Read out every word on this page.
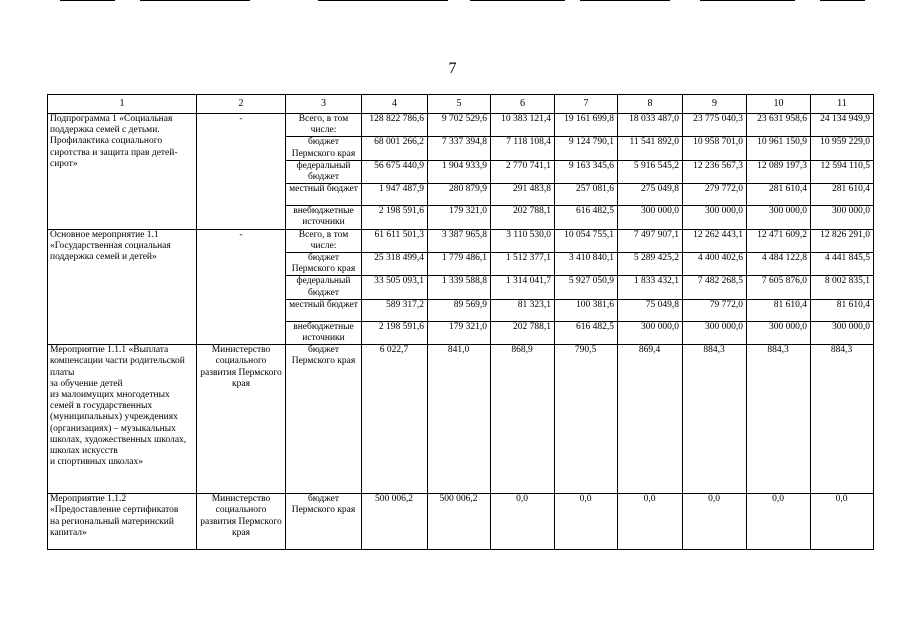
7
1	2	3	4	5	6	7	8	9	10	11
Подпрограмма 1 «Социальная поддержка семей с детьми. Профилактика социального сиротства и защита прав детей-сирот»	-	Всего, в том числе:	128 822 786,6	9 702 529,6	10 383 121,4	19 161 699,8	18 033 487,0	23 775 040,3	23 631 958,6	24 134 949,9
		бюджет Пермского края	68 001 266,2	7 337 394,8	7 118 108,4	9 124 790,1	11 541 892,0	10 958 701,0	10 961 150,9	10 959 229,0
		федеральный бюджет	56 675 440,9	1 904 933,9	2 770 741,1	9 163 345,6	5 916 545,2	12 236 567,3	12 089 197,3	12 594 110,5
		местный бюджет	1 947 487,9	280 879,9	291 483,8	257 081,6	275 049,8	279 772,0	281 610,4	281 610,4
		внебюджетные источники	2 198 591,6	179 321,0	202 788,1	616 482,5	300 000,0	300 000,0	300 000,0	300 000,0
Основное мероприятие 1.1 «Государственная социальная поддержка семей и детей»	-	Всего, в том числе:	61 611 501,3	3 387 965,8	3 110 530,0	10 054 755,1	7 497 907,1	12 262 443,1	12 471 609,2	12 826 291,0
		бюджет Пермского края	25 318 499,4	1 779 486,1	1 512 377,1	3 410 840,1	5 289 425,2	4 400 402,6	4 484 122,8	4 441 845,5
		федеральный бюджет	33 505 093,1	1 339 588,8	1 314 041,7	5 927 050,9	1 833 432,1	7 482 268,5	7 605 876,0	8 002 835,1
		местный бюджет	589 317,2	89 569,9	81 323,1	100 381,6	75 049,8	79 772,0	81 610,4	81 610,4
		внебюджетные источники	2 198 591,6	179 321,0	202 788,1	616 482,5	300 000,0	300 000,0	300 000,0	300 000,0
Мероприятие 1.1.1 «Выплата компенсации части родительской платы
за обучение детей
из малоимущих многодетных семей в государственных (муниципальных) учреждениях (организациях) – музыкальных школах, художественных школах, школах искусств
и спортивных школах»	Министерство социального развития Пермского края	бюджет Пермского края	6 022,7	841,0	868,9	790,5	869,4	884,3	884,3	884,3
Мероприятие 1.1.2 «Предоставление сертификатов
на региональный материнский капитал»	Министерство социального развития Пермского края	бюджет Пермского края	500 006,2	500 006,2	0,0	0,0	0,0	0,0	0,0	0,0
